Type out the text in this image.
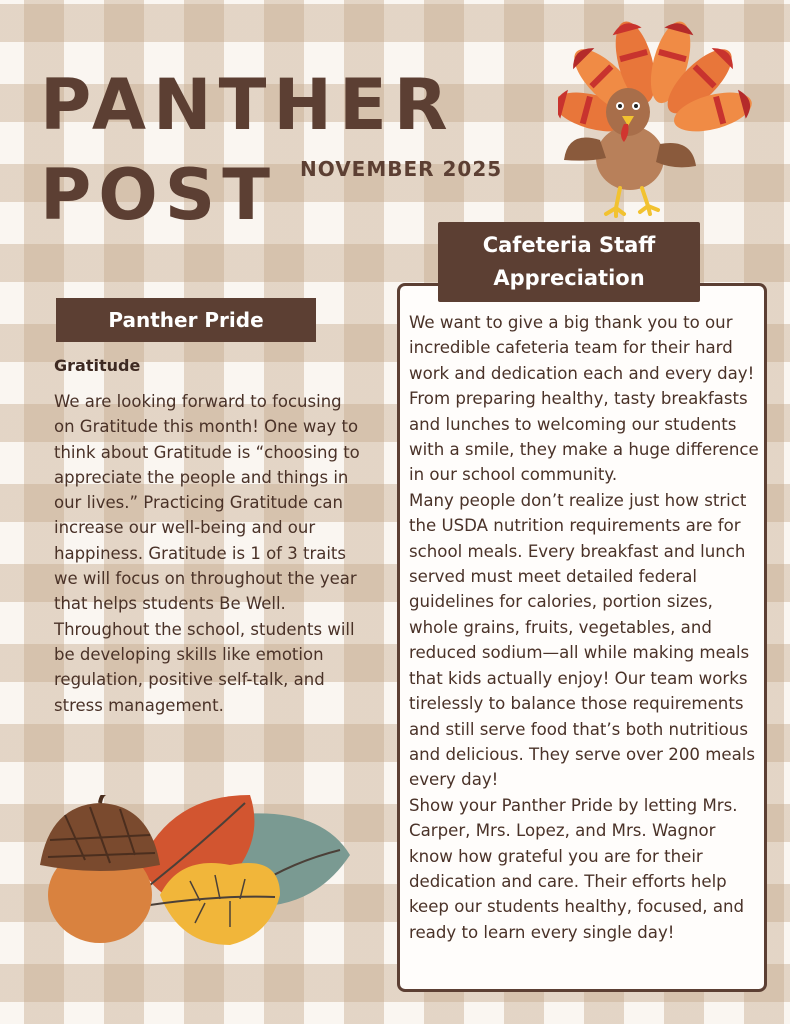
PANTHER
POST	NOVEMBER 2025
Panther Pride
Gratitude

We are looking forward to focusing on Gratitude this month! One way to think about Gratitude is “choosing to appreciate the people and things in our lives.” Practicing Gratitude can increase our well-being and our happiness. Gratitude is 1 of 3 traits we will focus on throughout the year that helps students Be Well. Throughout the school, students will be developing skills like emotion regulation, positive self-talk, and stress management.

Cafeteria Staff
Appreciation

We want to give a big thank you to our incredible cafeteria team for their hard work and dedication each and every day! From preparing healthy, tasty breakfasts and lunches to welcoming our students with a smile, they make a huge difference in our school community.

Many people don’t realize just how strict the USDA nutrition requirements are for school meals. Every breakfast and lunch served must meet detailed federal guidelines for calories, portion sizes, whole grains, fruits, vegetables, and reduced sodium—all while making meals that kids actually enjoy! Our team works tirelessly to balance those requirements and still serve food that’s both nutritious and delicious. They serve over 200 meals every day!

Show your Panther Pride by letting Mrs. Carper, Mrs. Lopez, and Mrs. Wagnor know how grateful you are for their dedication and care. Their efforts help keep our students healthy, focused, and ready to learn every single day!
